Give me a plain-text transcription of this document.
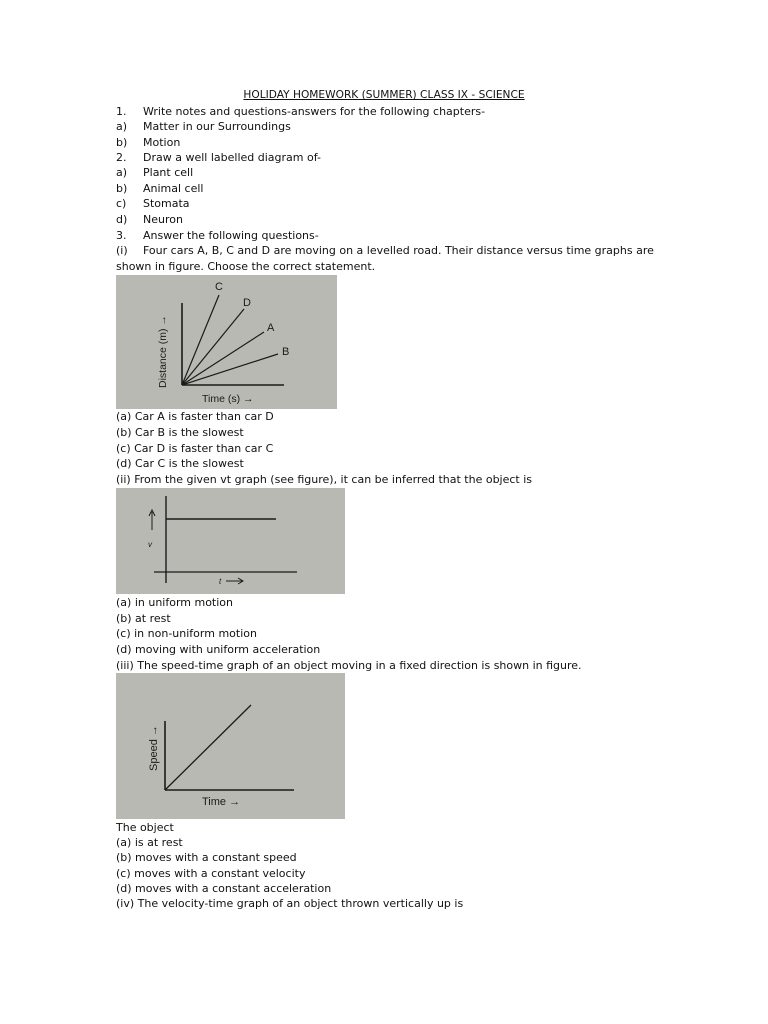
HOLIDAY HOMEWORK (SUMMER) CLASS IX - SCIENCE
1. Write notes and questions-answers for the following chapters-
a) Matter in our Surroundings
b) Motion
2. Draw a well labelled diagram of-
a) Plant cell
b) Animal cell
c) Stomata
d) Neuron
3. Answer the following questions-
(i) Four cars A, B, C and D are moving on a levelled road. Their distance versus time graphs are
shown in figure. Choose the correct statement.
C
D
A
B
Distance (m) →
Time (s) →
(a) Car A is faster than car D
(b) Car B is the slowest
(c) Car D is faster than car C
(d) Car C is the slowest
(ii) From the given vt graph (see figure), it can be inferred that the object is
v
t
(a) in uniform motion
(b) at rest
(c) in non-uniform motion
(d) moving with uniform acceleration
(iii) The speed-time graph of an object moving in a fixed direction is shown in figure.
Speed →
Time →
The object
(a) is at rest
(b) moves with a constant speed
(c) moves with a constant velocity
(d) moves with a constant acceleration
(iv) The velocity-time graph of an object thrown vertically up is
